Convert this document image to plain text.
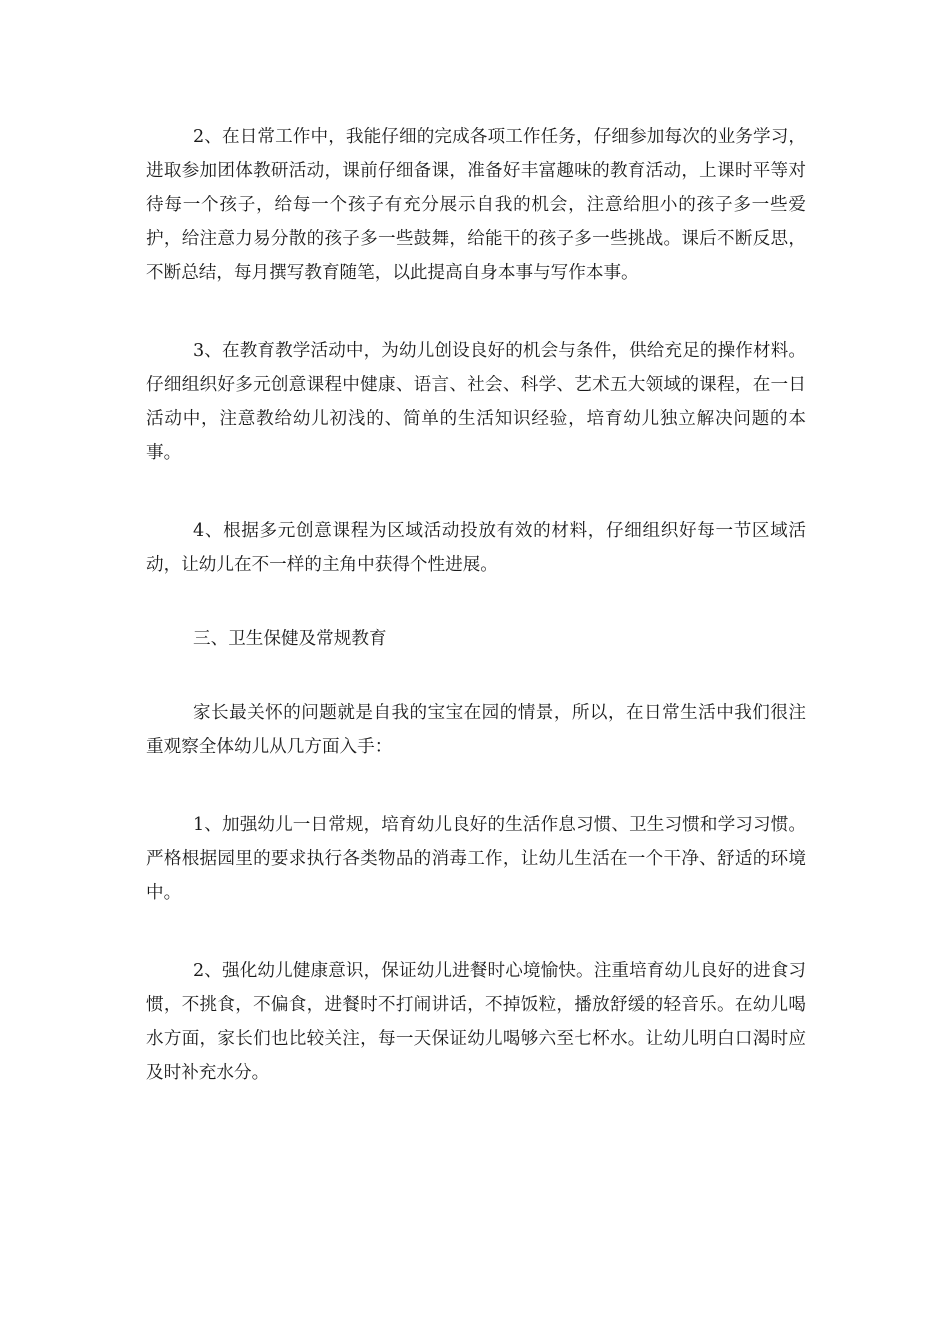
2、在日常工作中，我能仔细的完成各项工作任务，仔细参加每次的业务学习，进取参加团体教研活动，课前仔细备课，准备好丰富趣味的教育活动，上课时平等对待每一个孩子，给每一个孩子有充分展示自我的机会，注意给胆小的孩子多一些爱护，给注意力易分散的孩子多一些鼓舞，给能干的孩子多一些挑战。课后不断反思，不断总结，每月撰写教育随笔，以此提高自身本事与写作本事。

3、在教育教学活动中，为幼儿创设良好的机会与条件，供给充足的操作材料。仔细组织好多元创意课程中健康、语言、社会、科学、艺术五大领域的课程，在一日活动中，注意教给幼儿初浅的、简单的生活知识经验，培育幼儿独立解决问题的本事。

4、根据多元创意课程为区域活动投放有效的材料，仔细组织好每一节区域活动，让幼儿在不一样的主角中获得个性进展。

三、卫生保健及常规教育

家长最关怀的问题就是自我的宝宝在园的情景，所以，在日常生活中我们很注重观察全体幼儿从几方面入手：

1、加强幼儿一日常规，培育幼儿良好的生活作息习惯、卫生习惯和学习习惯。严格根据园里的要求执行各类物品的消毒工作，让幼儿生活在一个干净、舒适的环境中。

2、强化幼儿健康意识，保证幼儿进餐时心境愉快。注重培育幼儿良好的进食习惯，不挑食，不偏食，进餐时不打闹讲话，不掉饭粒，播放舒缓的轻音乐。在幼儿喝水方面，家长们也比较关注，每一天保证幼儿喝够六至七杯水。让幼儿明白口渴时应及时补充水分。
